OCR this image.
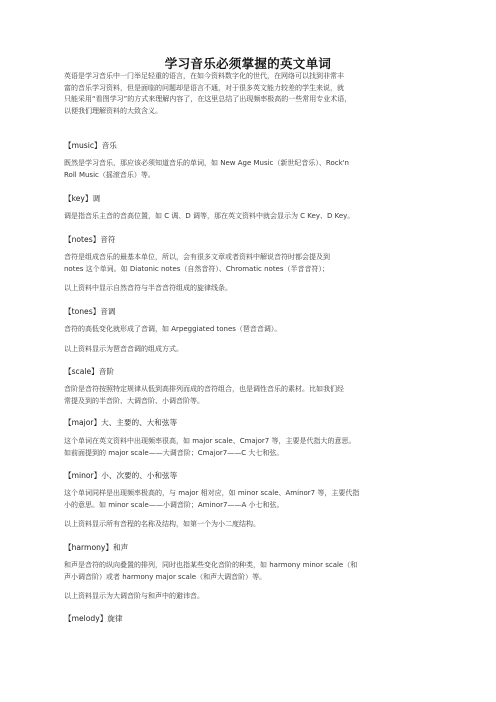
学习音乐必须掌握的英文单词

英语是学习音乐中一门举足轻重的语言，在如今资料数字化的世代，在网络可以找到非常丰

富的音乐学习资料，但是面临的问题却是语言不通，对于很多英文能力较差的学生来说，就

只能采用“看图学习”的方式来理解内容了，在这里总结了出现频率极高的一些常用专业术语，

以便我们理解资料的大致含义。

【music】音乐

既然是学习音乐，那应该必须知道音乐的单词，如 New Age Music（新世纪音乐）、Rock'n

Roll Music（摇滚音乐）等。

【key】调

调是指音乐主音的音高位置，如 C 调、D 调等，那在英文资料中就会显示为 C Key、D Key。

【notes】音符

音符是组成音乐的最基本单位，所以，会有很多文章或者资料中解说音符时都会提及到

notes 这个单词。如 Diatonic notes（自然音符）、Chromatic notes（半音音符）；

以上资料中显示自然音符与半音音符组成的旋律线条。

【tones】音调

音符的高低变化就形成了音调，如 Arpeggiated tones（琶音音调）。

以上资料显示为琶音音调的组成方式。

【scale】音阶

音阶是音符按照特定规律从低到高排列而成的音符组合，也是调性音乐的素材。比如我们经

常提及到的半音阶、大调音阶、小调音阶等。

【major】大、主要的、大和弦等

这个单词在英文资料中出现频率很高，如 major scale、Cmajor7 等，主要是代指大的意思。

如前面提到的 major scale——大调音阶；Cmajor7——C 大七和弦。

【minor】小、次要的、小和弦等

这个单词同样是出现频率极高的，与 major 相对应，如 minor scale、Aminor7 等，主要代指

小的意思。如 minor scale——小调音阶；Aminor7——A 小七和弦。

以上资料显示所有音程的名称及结构，如第一个为小二度结构。

【harmony】和声

和声是音符的纵向叠置的排列，同时也指某些变化音阶的种类，如 harmony minor scale（和

声小调音阶）或者 harmony major scale（和声大调音阶）等。

以上资料显示为大调音阶与和声中的避讳音。

【melody】旋律
